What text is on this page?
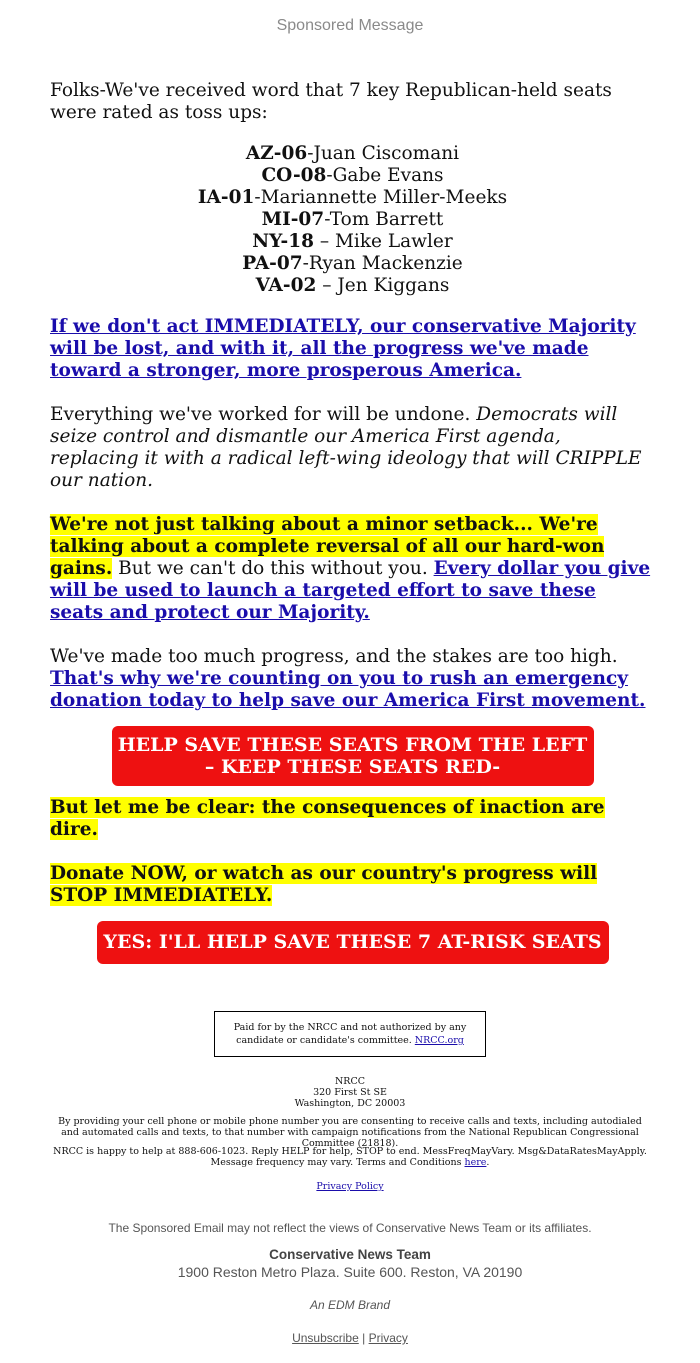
Sponsored Message

Folks-We've received word that 7 key Republican-held seats were rated as toss ups:

AZ-06-Juan Ciscomani
CO-08-Gabe Evans
IA-01-Mariannette Miller-Meeks
MI-07-Tom Barrett
NY-18 – Mike Lawler
PA-07-Ryan Mackenzie
VA-02 – Jen Kiggans

If we don't act IMMEDIATELY, our conservative Majority will be lost, and with it, all the progress we've made toward a stronger, more prosperous America.

Everything we've worked for will be undone. Democrats will seize control and dismantle our America First agenda, replacing it with a radical left-wing ideology that will CRIPPLE our nation.

We're not just talking about a minor setback... We're talking about a complete reversal of all our hard-won gains. But we can't do this without you. Every dollar you give will be used to launch a targeted effort to save these seats and protect our Majority.

We've made too much progress, and the stakes are too high. That's why we're counting on you to rush an emergency donation today to help save our America First movement.

HELP SAVE THESE SEATS FROM THE LEFT – KEEP THESE SEATS RED-

But let me be clear: the consequences of inaction are dire.

Donate NOW, or watch as our country's progress will STOP IMMEDIATELY.

YES: I'LL HELP SAVE THESE 7 AT-RISK SEATS
Paid for by the NRCC and not authorized by any candidate or candidate's committee. NRCC.org
NRCC
320 First St SE
Washington, DC 20003
By providing your cell phone or mobile phone number you are consenting to receive calls and texts, including autodialed and automated calls and texts, to that number with campaign notifications from the National Republican Congressional Committee (21818).
NRCC is happy to help at 888-606-1023. Reply HELP for help, STOP to end. MessFreqMayVary. Msg&DataRatesMayApply. Message frequency may vary. Terms and Conditions here.
Privacy Policy
The Sponsored Email may not reflect the views of Conservative News Team or its affiliates.
Conservative News Team
1900 Reston Metro Plaza. Suite 600. Reston, VA 20190
An EDM Brand
Unsubscribe | Privacy
